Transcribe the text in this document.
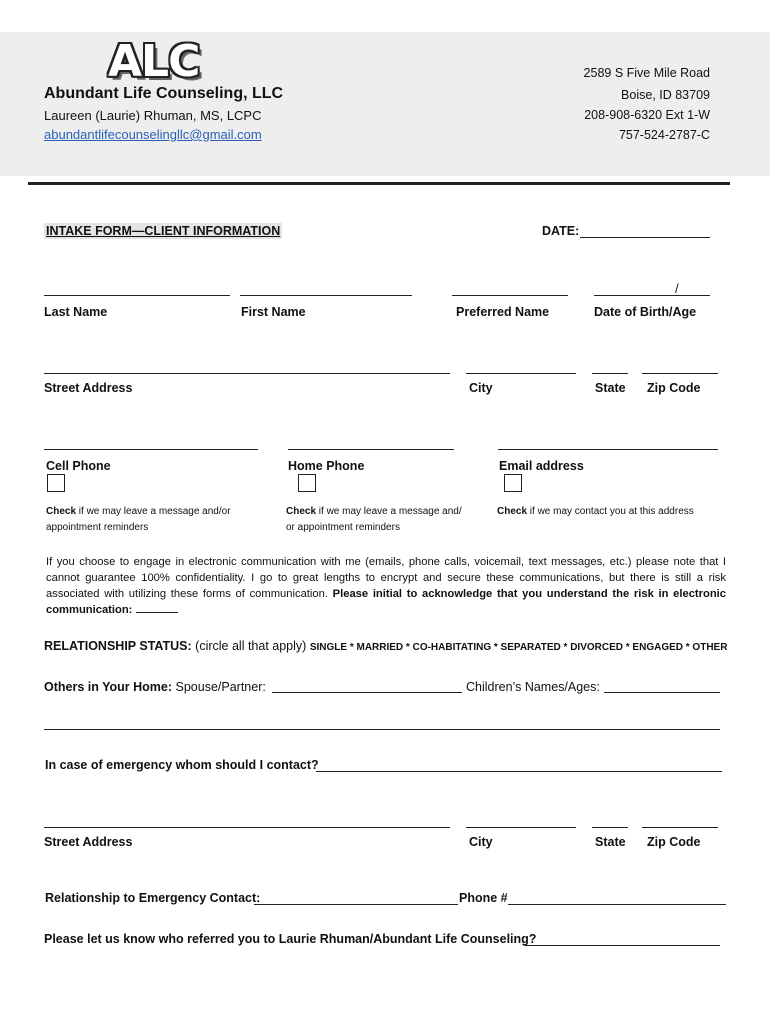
ALC
Abundant Life Counseling, LLC
Laureen (Laurie) Rhuman, MS, LCPC
abundantlifecounselingllc@gmail.com
2589 S Five Mile Road
Boise, ID 83709
208-908-6320 Ext 1-W
757-524-2787-C
INTAKE FORM—CLIENT INFORMATION	DATE:
/
Last Name	First Name	Preferred Name	Date of Birth/Age
Street Address	City	State Zip Code
Cell Phone	Home Phone	Email address
Check if we may leave a message and/or
appointment reminders
Check if we may leave a message and/
or appointment reminders
Check if we may contact you at this address
If you choose to engage in electronic communication with me (emails, phone calls, voicemail, text messages, etc.) please note that I cannot guarantee 100% confidentiality. I go to great lengths to encrypt and secure these communications, but there is still a risk associated with utilizing these forms of communication. Please initial to acknowledge that you understand the risk in electronic communication:
RELATIONSHIP STATUS: (circle all that apply) SINGLE * MARRIED * CO-HABITATING * SEPARATED * DIVORCED * ENGAGED * OTHER
Others in Your Home: Spouse/Partner:	Children’s Names/Ages:
In case of emergency whom should I contact?
Street Address	City	State Zip Code
Relationship to Emergency Contact:	Phone #
Please let us know who referred you to Laurie Rhuman/Abundant Life Counseling?
